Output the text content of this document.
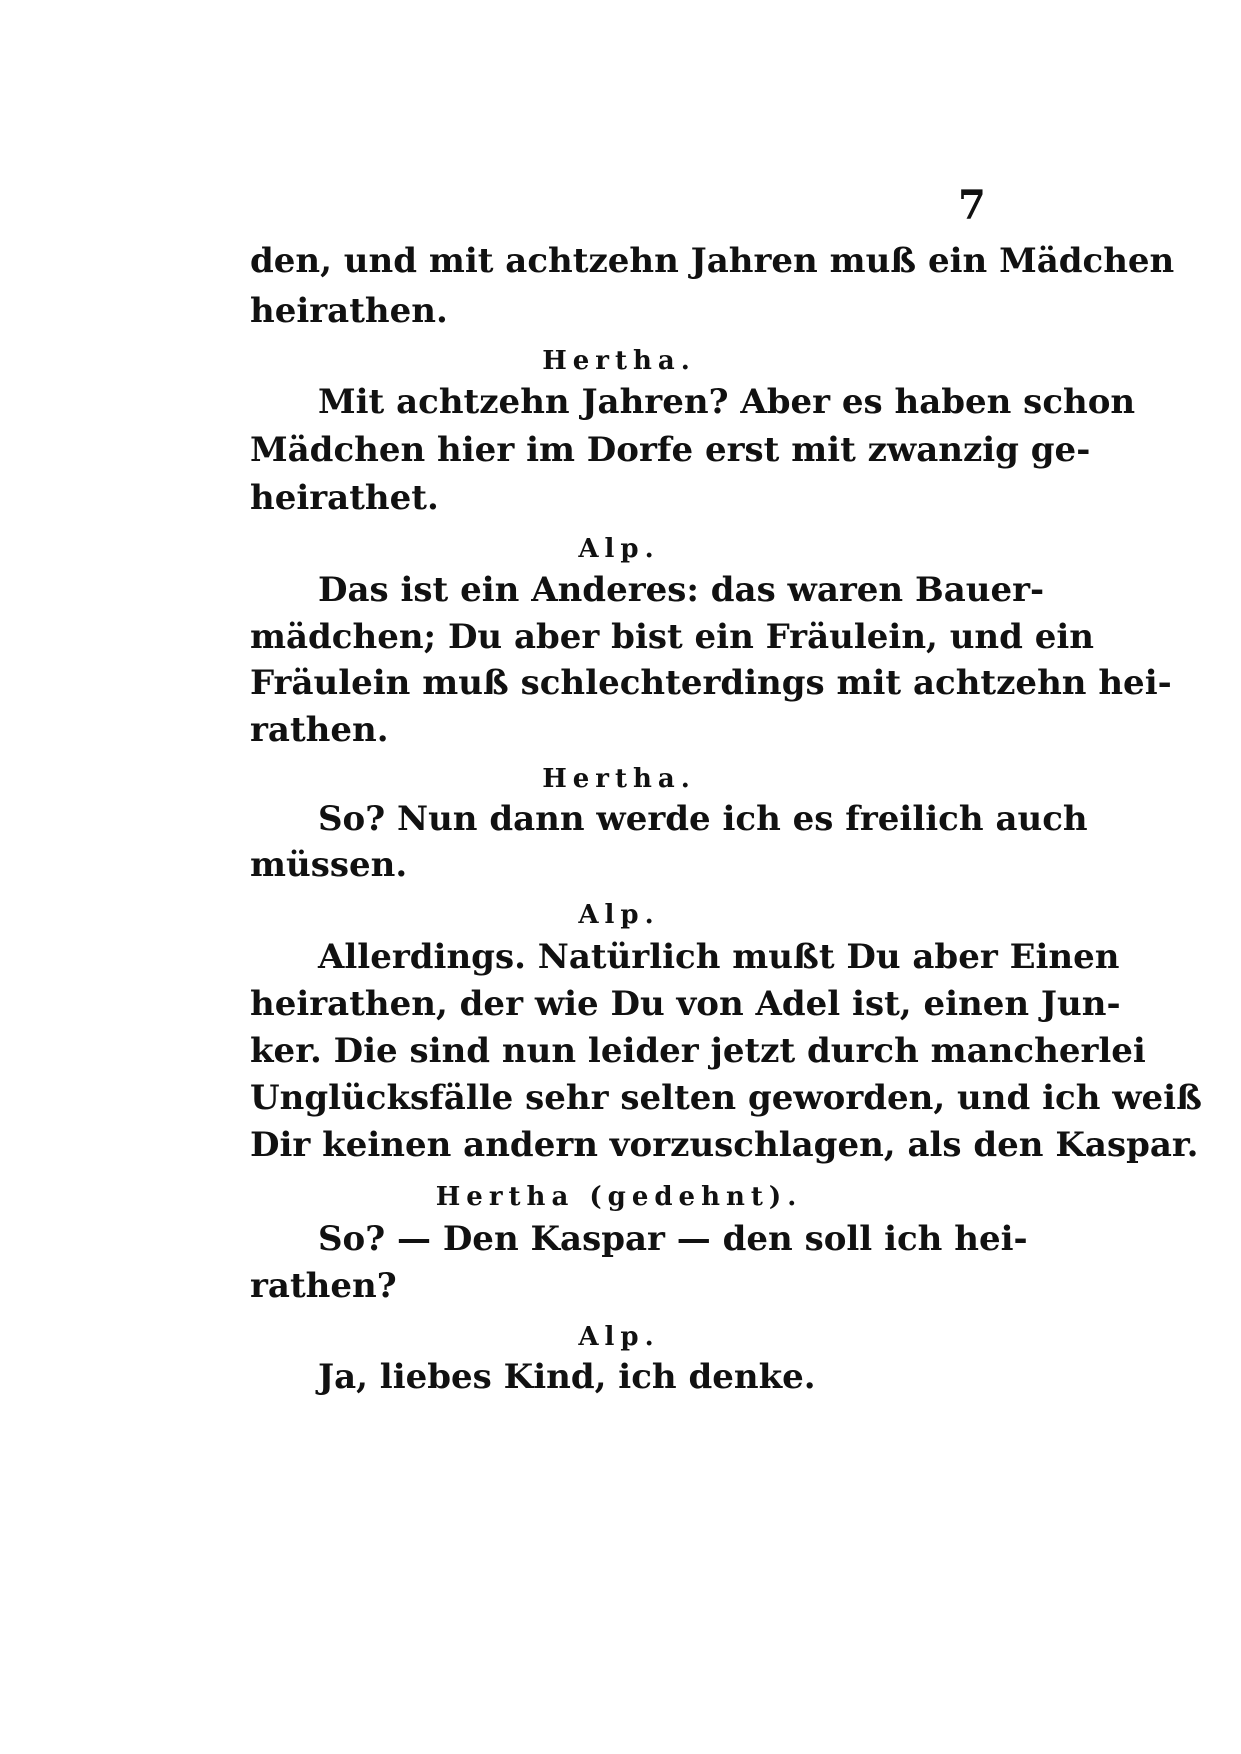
7
den, und mit achtzehn Jahren muß ein Mädchen
heirathen.
Hertha.
Mit achtzehn Jahren? Aber es haben schon
Mädchen hier im Dorfe erst mit zwanzig ge-
heirathet.
Alp.
Das ist ein Anderes: das waren Bauer-
mädchen; Du aber bist ein Fräulein, und ein
Fräulein muß schlechterdings mit achtzehn hei-
rathen.
Hertha.
So? Nun dann werde ich es freilich auch
müssen.
Alp.
Allerdings. Natürlich mußt Du aber Einen
heirathen, der wie Du von Adel ist, einen Jun-
ker. Die sind nun leider jetzt durch mancherlei
Unglücksfälle sehr selten geworden, und ich weiß
Dir keinen andern vorzuschlagen, als den Kaspar.
Hertha (gedehnt).
So? — Den Kaspar — den soll ich hei-
rathen?
Alp.
Ja, liebes Kind, ich denke.
